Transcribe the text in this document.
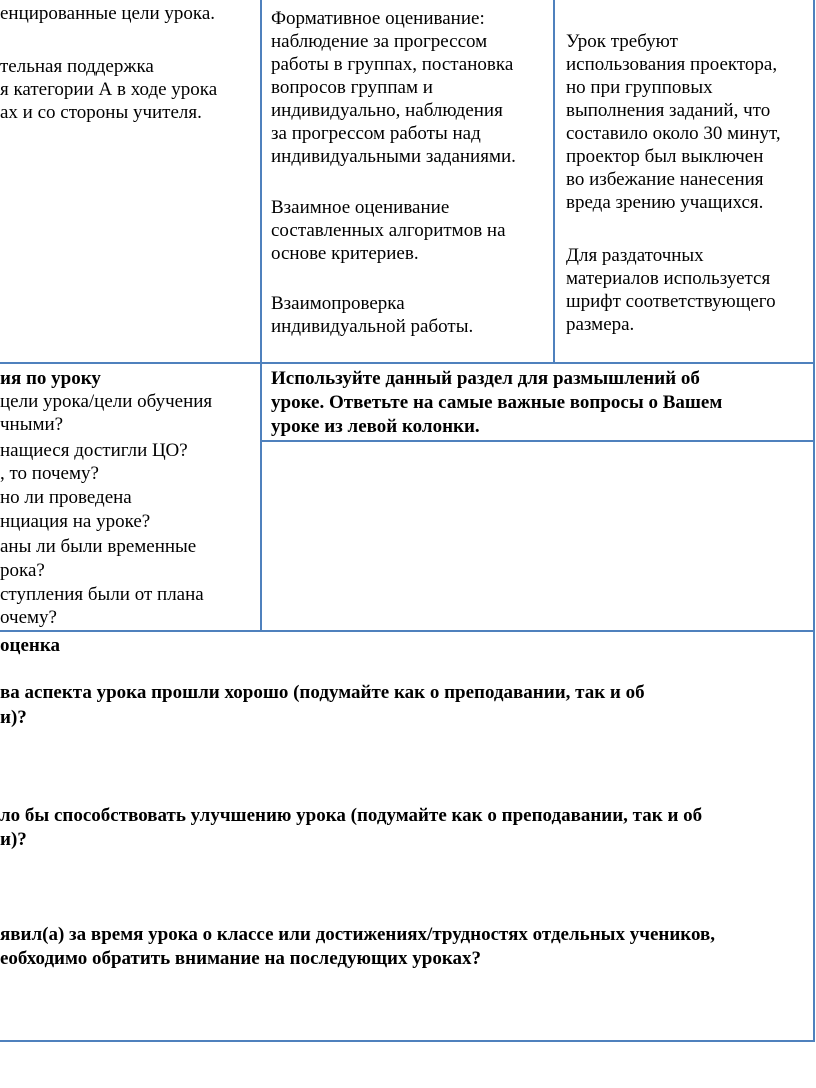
енцированные цели урока.

тельная поддержка

я категории А в ходе урока

ах и со стороны учителя.

Формативное оценивание:

наблюдение за прогрессом

работы в группах, постановка

вопросов группам и

индивидуально, наблюдения

за прогрессом работы над

индивидуальными заданиями.

Взаимное оценивание

составленных алгоритмов на

основе критериев.

Взаимопроверка

индивидуальной работы.

Урок требуют

использования проектора,

но при групповых

выполнения заданий, что

составило около 30 минут,

проектор был выключен

во избежание нанесения

вреда зрению учащихся.

Для раздаточных

материалов используется

шрифт соответствующего

размера.

ия по уроку

цели урока/цели обучения

чными?

нащиеся достигли ЦО?

, то почему?

но ли проведена

нциация на уроке?

аны ли были временные

рока?

ступления были от плана

очему?

Используйте данный раздел для размышлений об

уроке. Ответьте на самые важные вопросы о Вашем

уроке из левой колонки.

оценка

ва аспекта урока прошли хорошо (подумайте как о преподавании, так и об

и)?

ло бы способствовать улучшению урока (подумайте как о преподавании, так и об

и)?

явил(а) за время урока о классе или достижениях/трудностях отдельных учеников,

еобходимо обратить внимание на последующих уроках?
